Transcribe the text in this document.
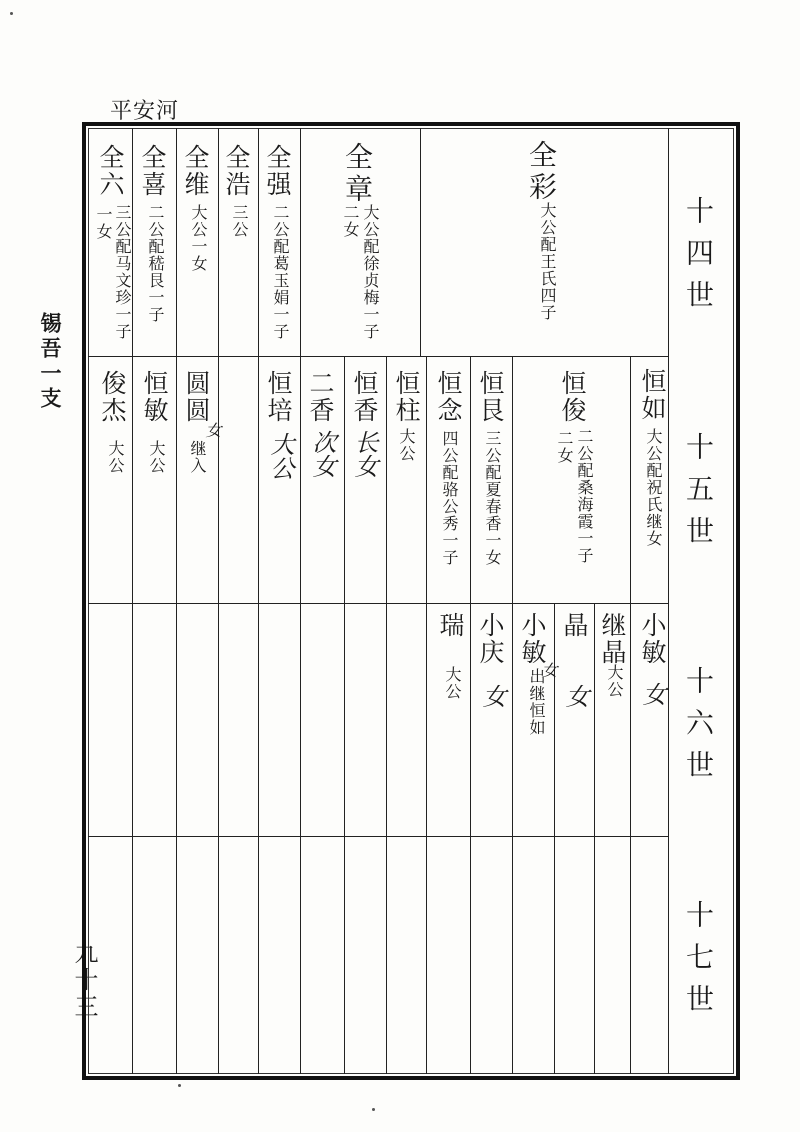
平安河
锡吾一支
九十三
十四世
十五世
十六世
十七世
全彩
大公配王氏四子
全章
大公配徐贞梅一子
二女
全强
二公配葛玉娟一子
全浩
三公
全维
大公一女
全喜
二公配嵇艮一子
全六
三公配马文珍一子
一女
恒如
大公配祝氏继女
恒俊
二公配桑海霞一子
二女
恒艮
三公配夏春香一女
恒念
四公配骆公秀一子
恒柱
大公
恒香
长女
二香
次女
恒培
大公
圆圆
女
继入
恒敏
大公
俊杰
大公
小敏
女
继晶
大公
晶
女
小敏
女
出继恒如
小庆
女
瑞
大公
